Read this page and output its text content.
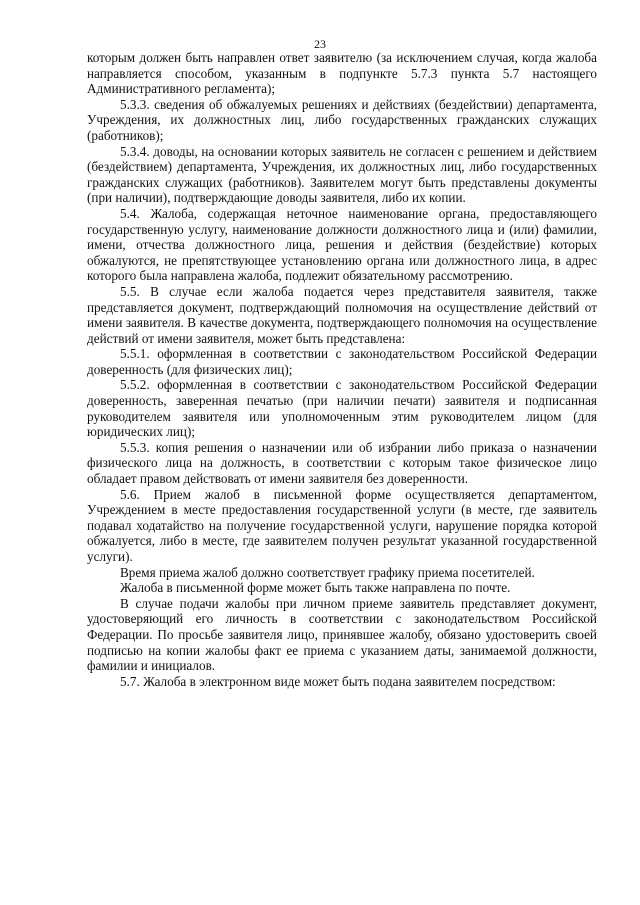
23

которым должен быть направлен ответ заявителю (за исключением случая, когда жалоба направляется способом, указанным в подпункте 5.7.3 пункта 5.7 настоящего Административного регламента);

5.3.3. сведения об обжалуемых решениях и действиях (бездействии) департамента, Учреждения, их должностных лиц, либо государственных гражданских служащих (работников);

5.3.4. доводы, на основании которых заявитель не согласен с решением и действием (бездействием) департамента, Учреждения, их должностных лиц, либо государственных гражданских служащих (работников). Заявителем могут быть представлены документы (при наличии), подтверждающие доводы заявителя, либо их копии.

5.4. Жалоба, содержащая неточное наименование органа, предоставляющего государственную услугу, наименование должности должностного лица и (или) фамилии, имени, отчества должностного лица, решения и действия (бездействие) которых обжалуются, не препятствующее установлению органа или должностного лица, в адрес которого была направлена жалоба, подлежит обязательному рассмотрению.

5.5. В случае если жалоба подается через представителя заявителя, также представляется документ, подтверждающий полномочия на осуществление действий от имени заявителя. В качестве документа, подтверждающего полномочия на осуществление действий от имени заявителя, может быть представлена:

5.5.1. оформленная в соответствии с законодательством Российской Федерации доверенность (для физических лиц);

5.5.2. оформленная в соответствии с законодательством Российской Федерации доверенность, заверенная печатью (при наличии печати) заявителя и подписанная руководителем заявителя или уполномоченным этим руководителем лицом (для юридических лиц);

5.5.3. копия решения о назначении или об избрании либо приказа о назначении физического лица на должность, в соответствии с которым такое физическое лицо обладает правом действовать от имени заявителя без доверенности.

5.6. Прием жалоб в письменной форме осуществляется департаментом, Учреждением в месте предоставления государственной услуги (в месте, где заявитель подавал ходатайство на получение государственной услуги, нарушение порядка которой обжалуется, либо в месте, где заявителем получен результат указанной государственной услуги).

Время приема жалоб должно соответствует графику приема посетителей.

Жалоба в письменной форме может быть также направлена по почте.

В случае подачи жалобы при личном приеме заявитель представляет документ, удостоверяющий его личность в соответствии с законодательством Российской Федерации. По просьбе заявителя лицо, принявшее жалобу, обязано удостоверить своей подписью на копии жалобы факт ее приема с указанием даты, занимаемой должности, фамилии и инициалов.

5.7. Жалоба в электронном виде может быть подана заявителем посредством:
